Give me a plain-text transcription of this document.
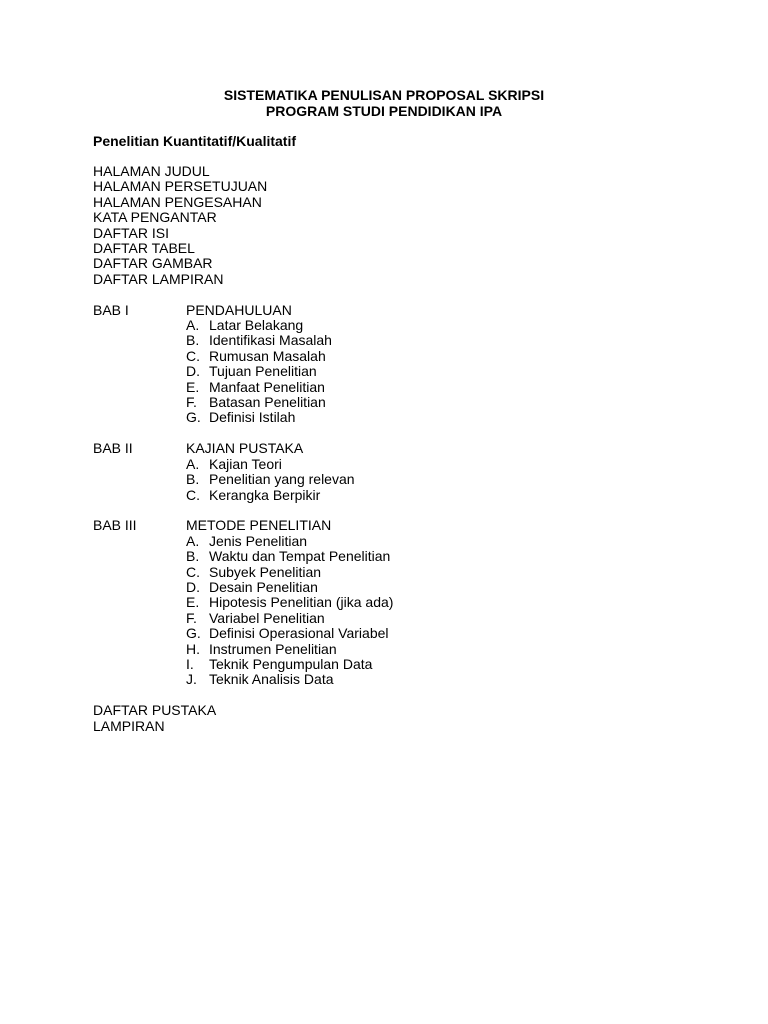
SISTEMATIKA PENULISAN PROPOSAL SKRIPSI
PROGRAM STUDI PENDIDIKAN IPA
Penelitian Kuantitatif/Kualitatif
HALAMAN JUDUL
HALAMAN PERSETUJUAN
HALAMAN PENGESAHAN
KATA PENGANTAR
DAFTAR ISI
DAFTAR TABEL
DAFTAR GAMBAR
DAFTAR LAMPIRAN
BAB I	PENDAHULUAN
A. Latar Belakang
B. Identifikasi Masalah
C. Rumusan Masalah
D. Tujuan Penelitian
E. Manfaat Penelitian
F. Batasan Penelitian
G. Definisi Istilah
BAB II	KAJIAN PUSTAKA
A. Kajian Teori
B. Penelitian yang relevan
C. Kerangka Berpikir
BAB III	METODE PENELITIAN
A. Jenis Penelitian
B. Waktu dan Tempat Penelitian
C. Subyek Penelitian
D. Desain Penelitian
E. Hipotesis Penelitian (jika ada)
F. Variabel Penelitian
G. Definisi Operasional Variabel
H. Instrumen Penelitian
I. Teknik Pengumpulan Data
J. Teknik Analisis Data
DAFTAR PUSTAKA
LAMPIRAN
